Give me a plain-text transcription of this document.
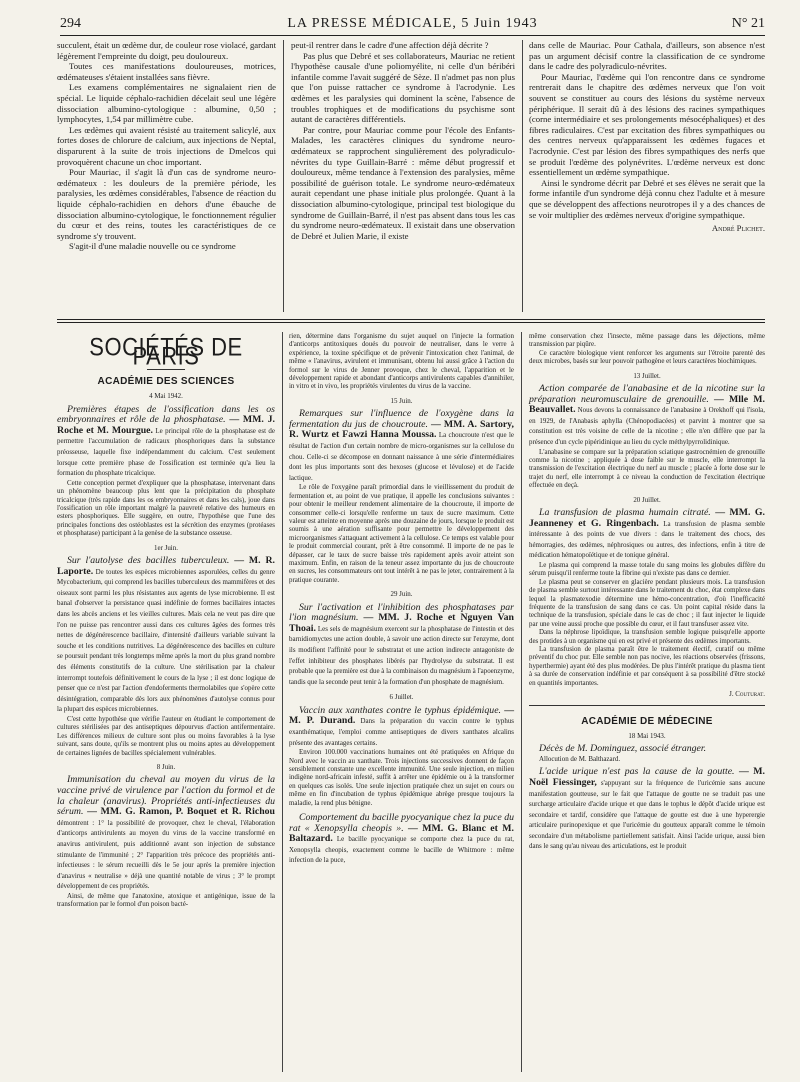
294	LA PRESSE MÉDICALE, 5 Juin 1943	N° 21

succulent, était un œdème dur, de couleur rose violacé, gardant légèrement l'empreinte du doigt, peu douloureux.

Toutes ces manifestations douloureuses, motrices, œdémateuses s'étaient installées sans fièvre.

Les examens complémentaires ne signalaient rien de spécial. Le liquide céphalo-rachidien décelait seul une légère dissociation albumino-cytologique : albumine, 0,50 ; lymphocytes, 1,54 par millimètre cube.

Les œdèmes qui avaient résisté au traitement salicylé, aux fortes doses de chlorure de calcium, aux injections de Neptal, disparurent à la suite de trois injections de Dmelcos qui provoquèrent chacune un choc important.

Pour Mauriac, il s'agit là d'un cas de syndrome neuro-œdémateux : les douleurs de la première période, les paralysies, les œdèmes considérables, l'absence de réaction du liquide céphalo-rachidien en dehors d'une ébauche de dissociation albumino-cytologique, le fonctionnement régulier du cœur et des reins, toutes les caractéristiques de ce syndrome s'y trouvent.

S'agit-il d'une maladie nouvelle ou ce syndrome

peut-il rentrer dans le cadre d'une affection déjà décrite ?

Pas plus que Debré et ses collaborateurs, Mauriac ne retient l'hypothèse causale d'une poliomyélite, ni celle d'un béribéri infantile comme l'avait suggéré de Sèze. Il n'admet pas non plus que l'on puisse rattacher ce syndrome à l'acrodynie. Les œdèmes et les paralysies qui dominent la scène, l'absence de troubles trophiques et de modifications du psychisme sont autant de caractères différentiels.

Par contre, pour Mauriac comme pour l'école des Enfants-Malades, les caractères cliniques du syndrome neuro-œdémateux se rapprochent singulièrement des polyradiculo-névrites du type Guillain-Barré : même début progressif et douloureux, même tendance à l'extension des paralysies, même possibilité de guérison totale. Le syndrome neuro-œdémateux aurait cependant une phase initiale plus prolongée. Quant à la dissociation albumino-cytologique, principal test biologique du syndrome de Guillain-Barré, il n'est pas absent dans tous les cas du syndrome neuro-œdémateux. Il existait dans une observation de Debré et Julien Marie, il existe

dans celle de Mauriac. Pour Cathala, d'ailleurs, son absence n'est pas un argument décisif contre la classification de ce syndrome dans le cadre des polyradiculo-névrites.

Pour Mauriac, l'œdème qui l'on rencontre dans ce syndrome rentrerait dans le chapitre des œdèmes nerveux que l'on voit souvent se constituer au cours des lésions du système nerveux périphérique. Il serait dû à des lésions des racines sympathiques (corne intermédiaire et ses prolongements mésocéphaliques) et des fibres radiculaires. C'est par excitation des fibres sympathiques ou des centres nerveux qu'apparaissent les œdèmes fugaces et l'acrodynie. C'est par lésion des fibres sympathiques des nerfs que se produit l'œdème des polynévrites. L'œdème nerveux est donc essentiellement un œdème sympathique.

Ainsi le syndrome décrit par Debré et ses élèves ne serait que la forme infantile d'un syndrome déjà connu chez l'adulte et à mesure que se développent des affections neurotropes il y a des chances de se voir multiplier des œdèmes nerveux d'origine sympathique.

André Plichet.
SOCIÉTÉS DE PARIS
ACADÉMIE DES SCIENCES
4 Mai 1942.

Premières étapes de l'ossification dans les os embryonnaires et rôle de la phosphatase. — MM. J. Roche et M. Mourgue. Le principal rôle de la phosphatase est de permettre l'accumulation de radicaux phosphoriques dans la substance préosseuse, laquelle fixe indépendamment du calcium. C'est seulement lorsque cette première phase de l'ossification est terminée qu'a lieu la formation du phosphate tricalcique.

Cette conception permet d'expliquer que la phosphatase, intervenant dans un phénomène beaucoup plus lent que la précipitation du phosphate tricalcique (très rapide dans les os embryonnaires et dans les cals), joue dans l'ossification un rôle important malgré la pauvreté relative des humeurs en esters phosphoriques. Elle suggère, en outre, l'hypothèse que l'une des principales fonctions des ostéoblastes est la sécrétion des enzymes (protéases et phosphatase) participant à la genèse de la substance osseuse.

1er Juin.

Sur l'autolyse des bacilles tuberculeux. — M. R. Laporte. De toutes les espèces microbiennes asporulées, celles du genre Mycobacterium, qui comprend les bacilles tuberculeux des mammifères et des oiseaux sont parmi les plus résistantes aux agents de lyse microbienne. Il est banal d'observer la persistance quasi indéfinie de formes bacillaires intactes dans les abcès anciens et les vieilles cultures. Mais cela ne veut pas dire que l'on ne puisse pas rencontrer aussi dans ces cultures âgées des formes très nettes de dégénérescence bacillaire, d'intensité d'ailleurs variable suivant la souche et les conditions nutritives. La dégénérescence des bacilles en culture se poursuit pendant très longtemps même après la mort du plus grand nombre des éléments constitutifs de la culture. Une stérilisation par la chaleur interrompt toutefois définitivement le cours de la lyse ; il est donc logique de penser que ce n'est par l'action d'endoferments thermolabiles que s'opère cette désintégration, comparable dès lors aux phénomènes d'autolyse connus pour la plupart des espèces microbiennes.

C'est cette hypothèse que vérifie l'auteur en étudiant le comportement de cultures stérilisées par des antiseptiques dépourvus d'action antifermentaire. Les différences milieux de culture sont plus ou moins favorables à la lyse suivant, sans doute, qu'ils se montrent plus ou moins aptes au développement de certaines lignées de bacilles spécialement vulnérables.

8 Juin.

Immunisation du cheval au moyen du virus de la vaccine privé de virulence par l'action du formol et de la chaleur (anavirus). Propriétés anti-infectieuses du sérum. — MM. G. Ramon, P. Boquet et R. Richou démontrent : 1° la possibilité de provoquer, chez le cheval, l'élaboration d'anticorps antivirulents au moyen du virus de la vaccine transformé en anavirus antivirulent, puis additionné avant son injection de substance stimulante de l'immunité ; 2° l'apparition très précoce des propriétés anti-infectieuses : le sérum recueilli dès le 5e jour après la première injection d'anavirus « neutralise » déjà une quantité notable de virus ; 3° le prompt développement de ces propriétés.

Ainsi, de même que l'anatoxine, atoxique et antigénique, issue de la transformation par le formol d'un poison bacté-

rien, détermine dans l'organisme du sujet auquel on l'injecte la formation d'anticorps antitoxiques doués du pouvoir de neutraliser, dans le verre à expérience, la toxine spécifique et de prévenir l'intoxication chez l'animal, de même « l'anavirus, avirulent et immunisant, obtenu lui aussi grâce à l'action du formol sur le virus de Jenner provoque, chez le cheval, l'apparition et le développement rapide et abondant d'anticorps antivirulents capables d'annihiler, in vitro et in vivo, les propriétés virulentes du virus de la vaccine.

15 Juin.

Remarques sur l'influence de l'oxygène dans la fermentation du jus de choucroute. — MM. A. Sartory, R. Wurtz et Fawzi Hanna Moussa. La choucroute n'est que le résultat de l'action d'un certain nombre de micro-organismes sur la cellulose du chou. Celle-ci se décompose en donnant naissance à une série d'intermédiaires dont les plus importants sont des hexoses (glucose et lévulose) et de l'acide lactique.

Le rôle de l'oxygène paraît primordial dans le vieillissement du produit de fermentation et, au point de vue pratique, il appelle les conclusions suivantes : pour obtenir le meilleur rendement alimentaire de la choucroute, il importe de consommer celle-ci lorsqu'elle renferme un taux de sucre maximum. Cette valeur est atteinte en moyenne après une douzaine de jours, lorsque le produit est soumis à une aération suffisante pour permettre le développement des microorganismes s'attaquant activement à la cellulose. Ce temps est valable pour le produit commercial courant, prêt à être consommé. Il importe de ne pas le dépasser, car le taux de sucre baisse très rapidement après avoir atteint son maximum. Enfin, en raison de la teneur assez importante du jus de choucroute en sucres, les consommateurs ont tout intérêt à ne pas le jeter, contrairement à la pratique courante.

29 Juin.

Sur l'activation et l'inhibition des phosphatases par l'ion magnésium. — MM. J. Roche et Nguyen Van Thoai. Les sels de magnésium exercent sur la phosphatase de l'intestin et des barnidiomyctes une action double, à savoir une action directe sur l'enzyme, dont ils modifient l'affinité pour le substratat et une action indirecte antagoniste de l'effet inhibiteur des phosphates libérés par l'hydrolyse du substratat. Il est probable que la première est due à la combinaison du magnésium à l'apoenzyme, tandis que la seconde peut tenir à la formation d'un phosphate de magnésium.

6 Juillet.

Vaccin aux xanthates contre le typhus épidémique. — M. P. Durand. Dans la préparation du vaccin contre le typhus exanthématique, l'emploi comme antiseptiques de divers xanthates alcalins présente des avantages certains.

Environ 100.000 vaccinations humaines ont été pratiquées en Afrique du Nord avec le vaccin au xanthate. Trois injections successives donnent de façon sensiblement constante une excellente immunité. Une seule injection, en milieu indigène nord-africain infesté, suffit à arrêter une épidémie ou à la transformer en quelques cas isolés. Une seule injection pratiquée chez un sujet en cours ou même en fin d'incubation de typhus épidémique abrège presque toujours la maladie, la rend plus bénigne.

Comportement du bacille pyocyanique chez la puce du rat « Xenopsylla cheopis ». — MM. G. Blanc et M. Baltazard. Le bacille pyocyanique se comporte chez la puce du rat, Xenopsylla cheopis, exactement comme le bacille de Whitmore : même infection de la puce,

même conservation chez l'insecte, même passage dans les déjections, même transmission par piqûre.

Ce caractère biologique vient renforcer les arguments sur l'étroite parenté des deux microbes, basés sur leur pouvoir pathogène et leurs caractères biochimiques.

13 Juillet.

Action comparée de l'anabasine et de la nicotine sur la préparation neuromusculaire de grenouille. — Mlle M. Beauvallet. Nous devons la connaissance de l'anabasine à Orekhoff qui l'isola, en 1929, de l'Anabasis aphylla (Chénopodiacées) et parvint à montrer que sa constitution est très voisine de celle de la nicotine ; elle n'en diffère que par la présence d'un cycle pipéridinique au lieu du cycle méthylpyrrolidinique.

L'anabasine se compare sur la préparation sciatique gastrocnémien de grenouille comme la nicotine ; appliquée à dose faible sur le muscle, elle interrompt la transmission de l'excitation électrique du nerf au muscle ; placée à forte dose sur le trajet du nerf, elle interrompt à ce niveau la conduction de l'excitation électrique effectuée en deçà.

20 Juillet.

La transfusion de plasma humain citraté. — MM. G. Jeanneney et G. Ringenbach. La transfusion de plasma semble intéressante à des points de vue divers : dans le traitement des chocs, des hémorragies, des œdèmes, néphrosiques ou autres, des infections, enfin à titre de médication hématopoïétique et de tonique général.

Le plasma qui comprend la masse totale du sang moins les globules diffère du sérum puisqu'il renferme toute la fibrine qui n'existe pas dans ce dernier.

Le plasma peut se conserver en glacière pendant plusieurs mois. La transfusion de plasma semble surtout intéressante dans le traitement du choc, état complexe dans lequel la plasmatexodie détermine une hémo-concentration, d'où l'inefficacité fréquente de la transfusion de sang dans ce cas. Un point capital réside dans la technique de la transfusion, spéciale dans le cas de choc ; il faut injecter le liquide par une veine aussi proche que possible du cœur, et il faut transfuser assez vite.

Dans la néphrose lipoïdique, la transfusion semble logique puisqu'elle apporte des protides à un organisme qui en est privé et présente des œdèmes importants.

La transfusion de plasma paraît être le traitement électif, curatif ou même préventif du choc pur. Elle semble non pas nocive, les réactions observées (frissons, hyperthermie) ayant été des plus modérées. De plus l'intérêt pratique du plasma tient à sa durée de conservation indéfinie et par conséquent à sa possibilité d'être stocké en quantités importantes.

J. Couturat.
ACADÉMIE DE MÉDECINE
18 Mai 1943.

Décès de M. Dominguez, associé étranger.

Allocution de M. Balthazard.

L'acide urique n'est pas la cause de la goutte. — M. Noël Fiessinger, s'appuyant sur la fréquence de l'uricémie sans aucune manifestation goutteuse, sur le fait que l'attaque de goutte ne se traduit pas une surcharge articulaire d'acide urique et que dans le tophus le dépôt d'acide urique est secondaire et tardif, considère que l'attaque de goutte est due à une hyperergie articulaire purinopexique et que l'uricémie du goutteux apparaît comme le témoin secondaire d'un métabolisme partiellement satisfait. Ainsi l'acide urique, aussi bien dans le sang qu'au niveau des articulations, est le produit
